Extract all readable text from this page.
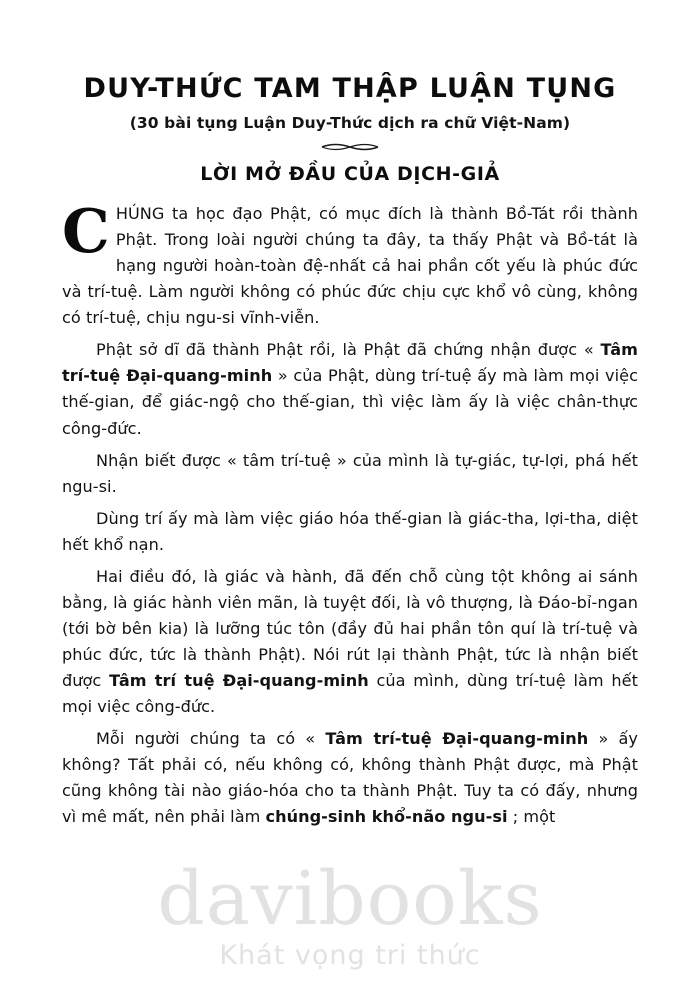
DUY-THỨC TAM THẬP LUẬN TỤNG
(30 bài tụng Luận Duy-Thức dịch ra chữ Việt-Nam)
LỜI MỞ ĐẦU CỦA DỊCH-GIẢ

CHÚNG ta học đạo Phật, có mục đích là thành Bồ-Tát rồi thành Phật. Trong loài người chúng ta đây, ta thấy Phật và Bồ-tát là hạng người hoàn-toàn đệ-nhất cả hai phần cốt yếu là phúc đức và trí-tuệ. Làm người không có phúc đức chịu cực khổ vô cùng, không có trí-tuệ, chịu ngu-si vĩnh-viễn.

Phật sở dĩ đã thành Phật rồi, là Phật đã chứng nhận được « Tâm trí-tuệ Đại-quang-minh » của Phật, dùng trí-tuệ ấy mà làm mọi việc thế-gian, để giác-ngộ cho thế-gian, thì việc làm ấy là việc chân-thực công-đức.

Nhận biết được « tâm trí-tuệ » của mình là tự-giác, tự-lợi, phá hết ngu-si.

Dùng trí ấy mà làm việc giáo hóa thế-gian là giác-tha, lợi-tha, diệt hết khổ nạn.

Hai điều đó, là giác và hành, đã đến chỗ cùng tột không ai sánh bằng, là giác hành viên mãn, là tuyệt đối, là vô thượng, là Đáo-bỉ-ngan (tới bờ bên kia) là lưỡng túc tôn (đầy đủ hai phần tôn quí là trí-tuệ và phúc đức, tức là thành Phật). Nói rút lại thành Phật, tức là nhận biết được Tâm trí tuệ Đại-quang-minh của mình, dùng trí-tuệ làm hết mọi việc công-đức.

Mỗi người chúng ta có « Tâm trí-tuệ Đại-quang-minh » ấy không? Tất phải có, nếu không có, không thành Phật được, mà Phật cũng không tài nào giáo-hóa cho ta thành Phật. Tuy ta có đấy, nhưng vì mê mất, nên phải làm chúng-sinh khổ-não ngu-si ; một

davibooks
Khát vọng tri thức
